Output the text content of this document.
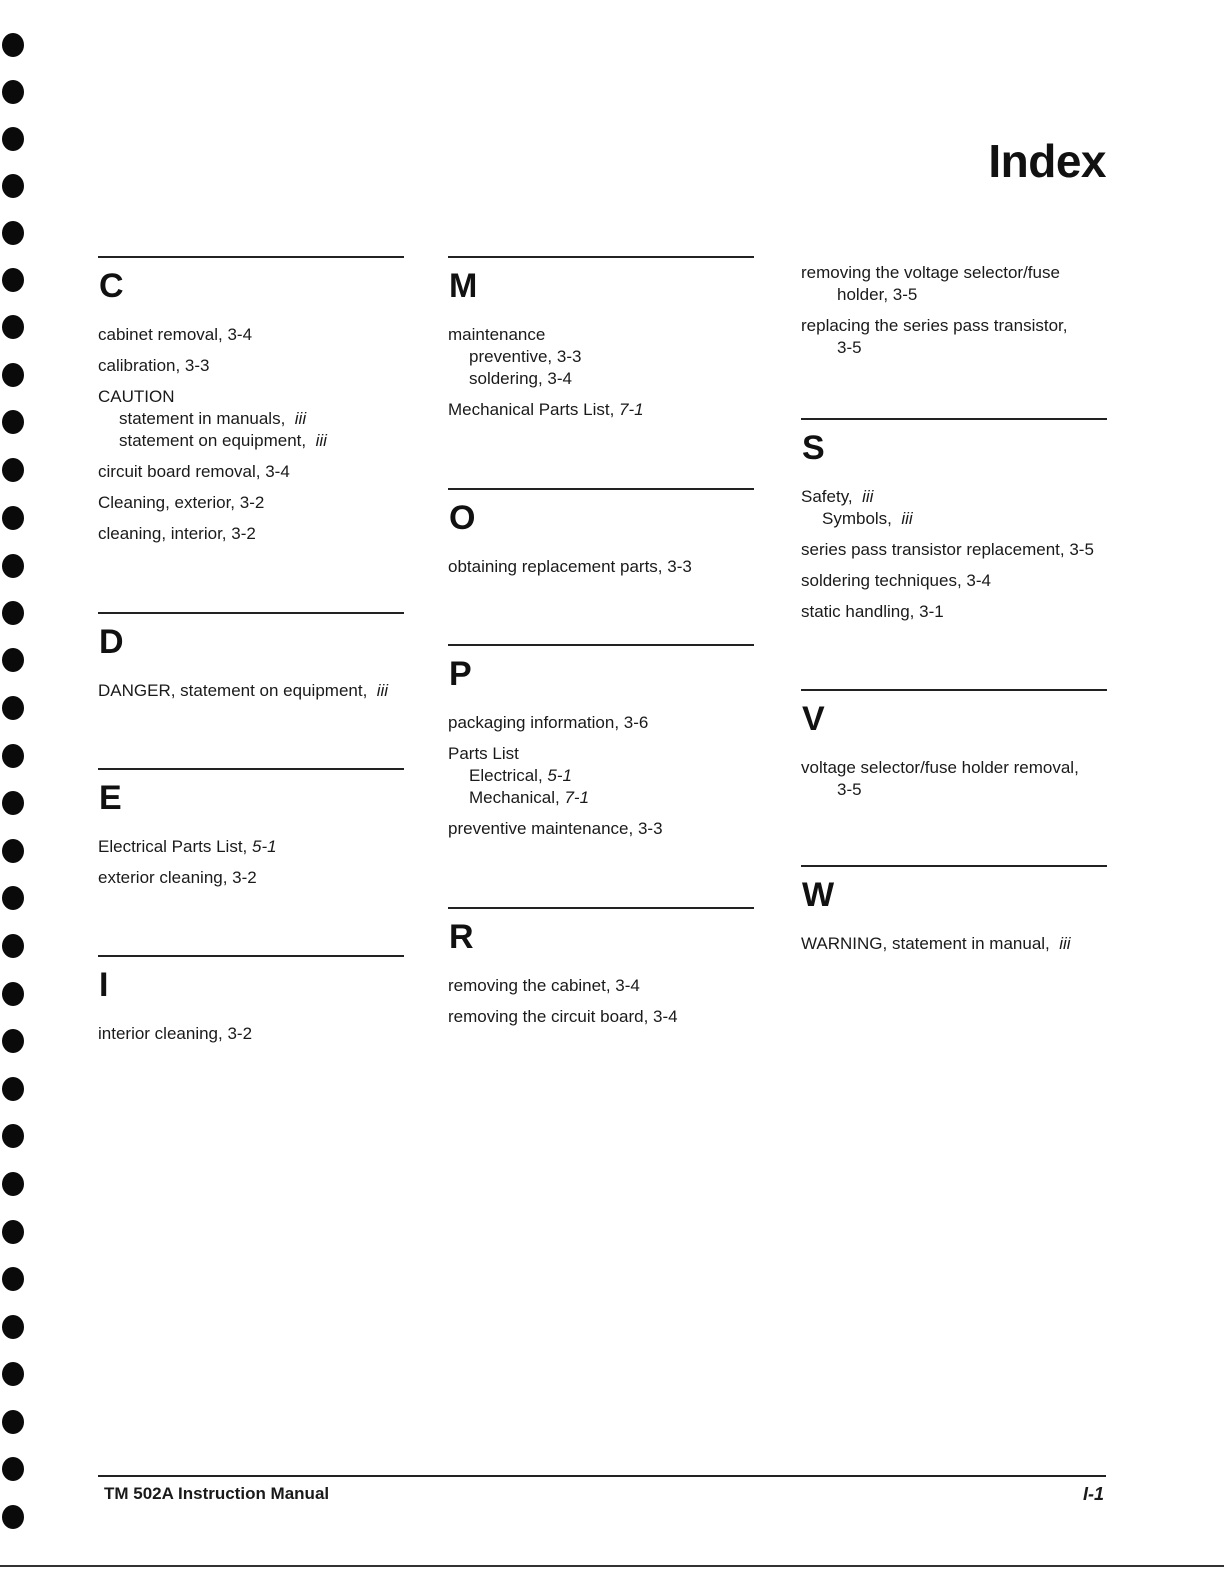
Index
C
cabinet removal, 3-4
calibration, 3-3
CAUTION
statement in manuals, iii
statement on equipment, iii
circuit board removal, 3-4
Cleaning, exterior, 3-2
cleaning, interior, 3-2
D
DANGER, statement on equipment, iii
E
Electrical Parts List, 5-1
exterior cleaning, 3-2
I
interior cleaning, 3-2
M
maintenance
preventive, 3-3
soldering, 3-4
Mechanical Parts List, 7-1
O
obtaining replacement parts, 3-3
P
packaging information, 3-6
Parts List
Electrical, 5-1
Mechanical, 7-1
preventive maintenance, 3-3
R
removing the cabinet, 3-4
removing the circuit board, 3-4
removing the voltage selector/fuse
holder, 3-5
replacing the series pass transistor,
3-5
S
Safety, iii
Symbols, iii
series pass transistor replacement, 3-5
soldering techniques, 3-4
static handling, 3-1
V
voltage selector/fuse holder removal,
3-5
W
WARNING, statement in manual, iii
TM 502A Instruction Manual	I-1
